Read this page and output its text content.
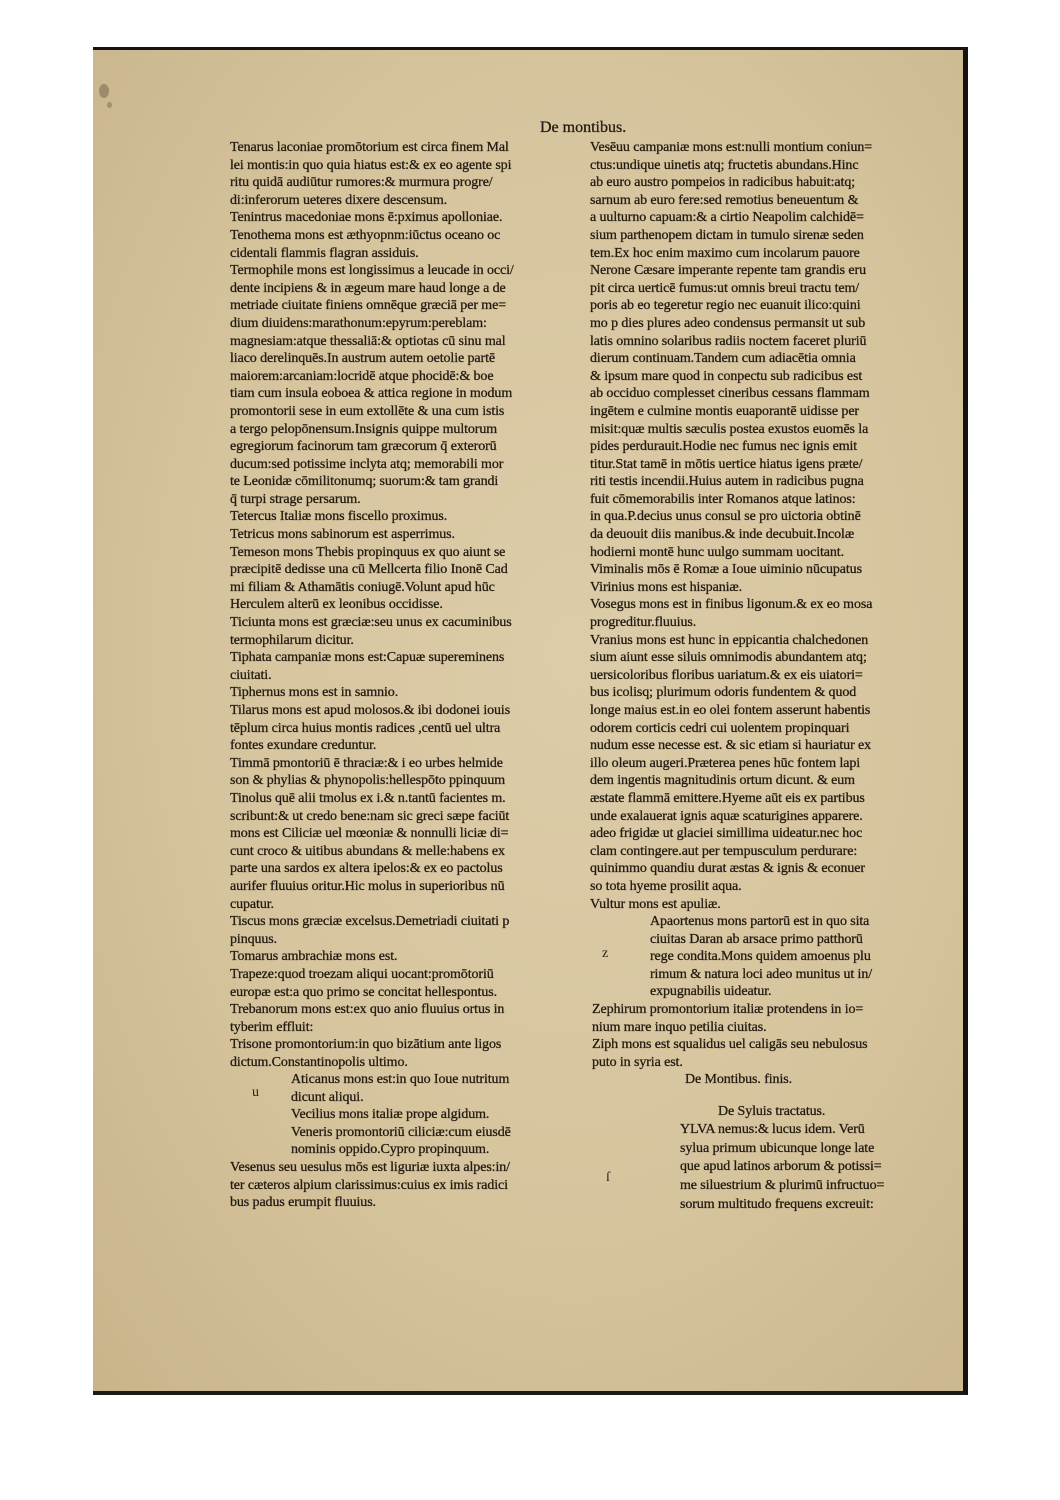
De montibus.
Tenarus laconiae promōtorium est circa finem Mal
lei montis:in quo quia hiatus est:& ex eo agente spi
ritu quidā audiūtur rumores:& murmura progre/
di:inferorum ueteres dixere descensum.
Tenintrus macedoniae mons ē:pximus apolloniae.
Tenothema mons est æthyopnm:iūctus oceano oc
cidentali flammis flagran assiduis.
Termophile mons est longissimus a leucade in occi/
dente incipiens & in ægeum mare haud longe a de
metriade ciuitate finiens omnēque græciā per me=
dium diuidens:marathonum:epyrum:pereblam:
magnesiam:atque thessaliā:& optiotas cū sinu mal
liaco derelinquēs.In austrum autem oetolie partē
maiorem:arcaniam:locridē atque phocidē:& boe
tiam cum insula eoboea & attica regione in modum
promontorii sese in eum extollēte & una cum istis
a tergo pelopōnensum.Insignis quippe multorum
egregiorum facinorum tam græcorum q̄ exterorū
ducum:sed potissime inclyta atq; memorabili mor
te Leonidæ cōmilitonumq; suorum:& tam grandi
q̄ turpi strage persarum.
Tetercus Italiæ mons fiscello proximus.
Tetricus mons sabinorum est asperrimus.
Temeson mons Thebis propinquus ex quo aiunt se
præcipitē dedisse una cū Mellcerta filio Inonē Cad
mi filiam & Athamātis coniugē.Volunt apud hūc
Herculem alterū ex leonibus occidisse.
Ticiunta mons est græciæ:seu unus ex cacuminibus
termophilarum dicitur.
Tiphata campaniæ mons est:Capuæ supereminens
ciuitati.
Tiphernus mons est in samnio.
Tilarus mons est apud molosos.& ibi dodonei iouis
tēplum circa huius montis radices ,centū uel ultra
fontes exundare creduntur.
Timmā pmontoriū ē thraciæ:& i eo urbes helmide
son & phylias & phynopolis:hellespōto ppinquum
Tinolus quē alii tmolus ex i.& n.tantū facientes m.
scribunt:& ut credo bene:nam sic greci sæpe faciūt
mons est Ciliciæ uel mœoniæ & nonnulli liciæ di=
cunt croco & uitibus abundans & melle:habens ex
parte una sardos ex altera ipelos:& ex eo pactolus
aurifer fluuius oritur.Hic molus in superioribus nū
cupatur.
Tiscus mons græciæ excelsus.Demetriadi ciuitati p
pinquus.
Tomarus ambrachiæ mons est.
Trapeze:quod troezam aliqui uocant:promōtoriū
europæ est:a quo primo se concitat hellespontus.
Trebanorum mons est:ex quo anio fluuius ortus in
tyberim effluit:
Trisone promontorium:in quo bizātium ante ligos
dictum.Constantinopolis ultimo.
Aticanus mons est:in quo Ioue nutritum
dicunt aliqui.
Vecilius mons italiæ prope algidum.
Veneris promontoriū ciliciæ:cum eiusdē
nominis oppido.Cypro propinquum.
u
Vesenus seu uesulus mōs est liguriæ iuxta alpes:in/
ter cæteros alpium clarissimus:cuius ex imis radici
bus padus erumpit fluuius.
Vesēuu campaniæ mons est:nulli montium coniun=
ctus:undique uinetis atq; fructetis abundans.Hinc
ab euro austro pompeios in radicibus habuit:atq;
sarnum ab euro fere:sed remotius beneuentum &
a uulturno capuam:& a cirtio Neapolim calchidē=
sium parthenopem dictam in tumulo sirenæ seden
tem.Ex hoc enim maximo cum incolarum pauore
Nerone Cæsare imperante repente tam grandis eru
pit circa uerticē fumus:ut omnis breui tractu tem/
poris ab eo tegeretur regio nec euanuit ilico:quini
mo p dies plures adeo condensus permansit ut sub
latis omnino solaribus radiis noctem faceret pluriū
dierum continuam.Tandem cum adiacētia omnia
& ipsum mare quod in conpectu sub radicibus est
ab occiduo complesset cineribus cessans flammam
ingētem e culmine montis euaporantē uidisse per
misit:quæ multis sæculis postea exustos euomēs la
pides perdurauit.Hodie nec fumus nec ignis emit
titur.Stat tamē in mōtis uertice hiatus igens præte/
riti testis incendii.Huius autem in radicibus pugna
fuit cōmemorabilis inter Romanos atque latinos:
in qua.P.decius unus consul se pro uictoria obtinē
da deuouit diis manibus.& inde decubuit.Incolæ
hodierni montē hunc uulgo summam uocitant.
Viminalis mōs ē Romæ a Ioue uiminio nūcupatus
Virinius mons est hispaniæ.
Vosegus mons est in finibus ligonum.& ex eo mosa
progreditur.fluuius.
Vranius mons est hunc in eppicantia chalchedonen
sium aiunt esse siluis omnimodis abundantem atq;
uersicoloribus floribus uariatum.& ex eis uiatori=
bus icolisq; plurimum odoris fundentem & quod
longe maius est.in eo olei fontem asserunt habentis
odorem corticis cedri cui uolentem propinquari
nudum esse necesse est. & sic etiam si hauriatur ex
illo oleum augeri.Præterea penes hūc fontem lapi
dem ingentis magnitudinis ortum dicunt. & eum
æstate flammā emittere.Hyeme aūt eis ex partibus
unde exalauerat ignis aquæ scaturigines apparere.
adeo frigidæ ut glaciei simillima uideatur.nec hoc
clam contingere.aut per tempusculum perdurare:
quinimmo quandiu durat æstas & ignis & econuer
so tota hyeme prosilit aqua.
Vultur mons est apuliæ.
Apaortenus mons partorū est in quo sita
ciuitas Daran ab arsace primo patthorū
rege condita.Mons quidem amoenus plu
rimum & natura loci adeo munitus ut in/
expugnabilis uideatur.
z
Zephirum promontorium italiæ protendens in io=
nium mare inquo petilia ciuitas.
Ziph mons est squalidus uel caligās seu nebulosus
puto in syria est.
De Montibus. finis.
De Syluis tractatus.
YLVA nemus:& lucus idem. Verū
sylua primum ubicunque longe late
que apud latinos arborum & potissi=
me siluestrium & plurimū infructuo=
sorum multitudo frequens excreuit:
ſ
